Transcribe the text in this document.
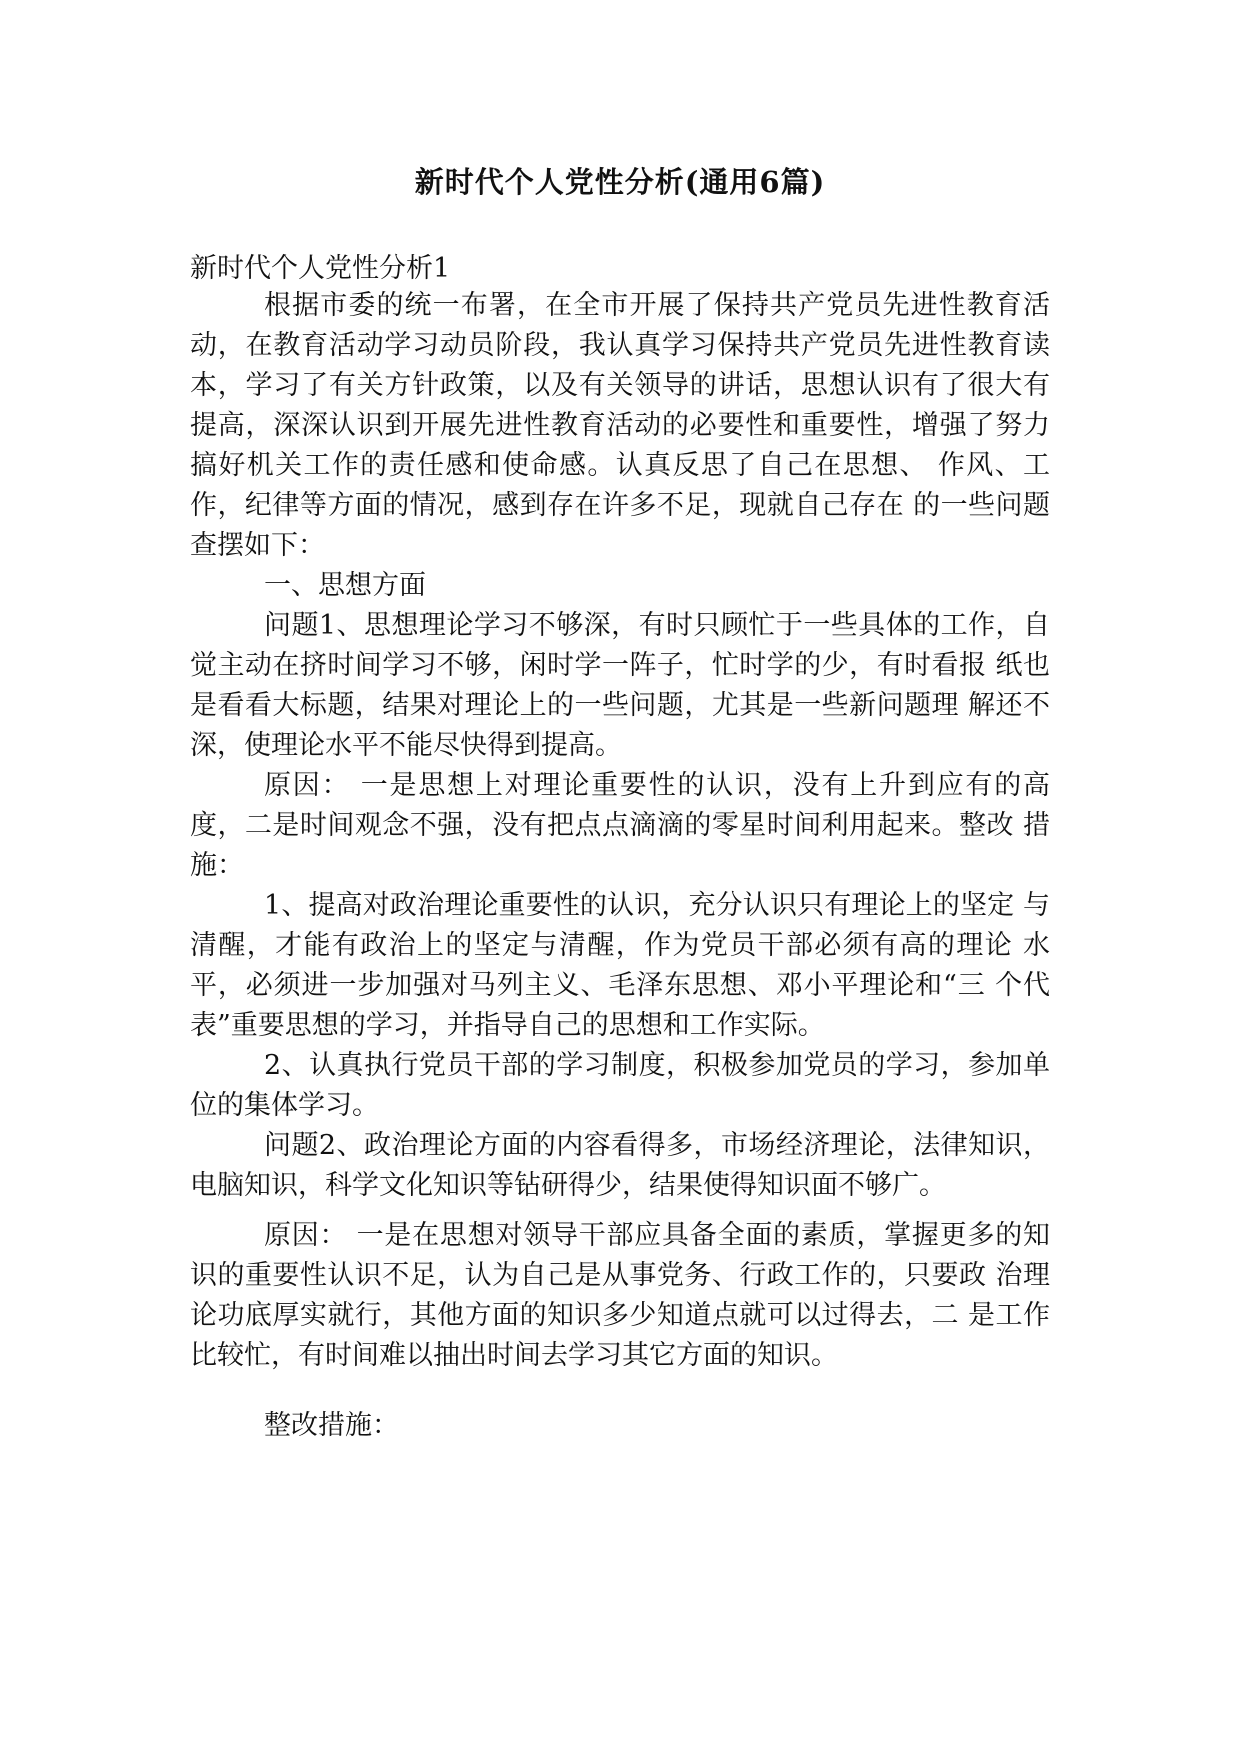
新时代个人党性分析(通用6篇)
新时代个人党性分析1
根据市委的统一布署，在全市开展了保持共产党员先进性教育活动，在教育活动学习动员阶段，我认真学习保持共产党员先进性教育读本，学习了有关方针政策，以及有关领导的讲话，思想认识有了很大有提高，深深认识到开展先进性教育活动的必要性和重要性，增强了努力搞好机关工作的责任感和使命感。认真反思了自己在思想、 作风、工作，纪律等方面的情况，感到存在许多不足，现就自己存在 的一些问题查摆如下：
一、思想方面
问题1、思想理论学习不够深，有时只顾忙于一些具体的工作，自觉主动在挤时间学习不够，闲时学一阵子，忙时学的少，有时看报 纸也是看看大标题，结果对理论上的一些问题，尤其是一些新问题理 解还不深，使理论水平不能尽快得到提高。
原因： 一是思想上对理论重要性的认识，没有上升到应有的高 度，二是时间观念不强，没有把点点滴滴的零星时间利用起来。整改 措施：
1、提高对政治理论重要性的认识，充分认识只有理论上的坚定 与清醒，才能有政治上的坚定与清醒，作为党员干部必须有高的理论 水平，必须进一步加强对马列主义、毛泽东思想、邓小平理论和“三 个代表”重要思想的学习，并指导自己的思想和工作实际。
2、认真执行党员干部的学习制度，积极参加党员的学习，参加单位的集体学习。
问题2、政治理论方面的内容看得多，市场经济理论，法律知识，电脑知识，科学文化知识等钻研得少，结果使得知识面不够广。
原因： 一是在思想对领导干部应具备全面的素质，掌握更多的知识的重要性认识不足，认为自己是从事党务、行政工作的，只要政 治理论功底厚实就行，其他方面的知识多少知道点就可以过得去，二 是工作比较忙，有时间难以抽出时间去学习其它方面的知识。
整改措施：
